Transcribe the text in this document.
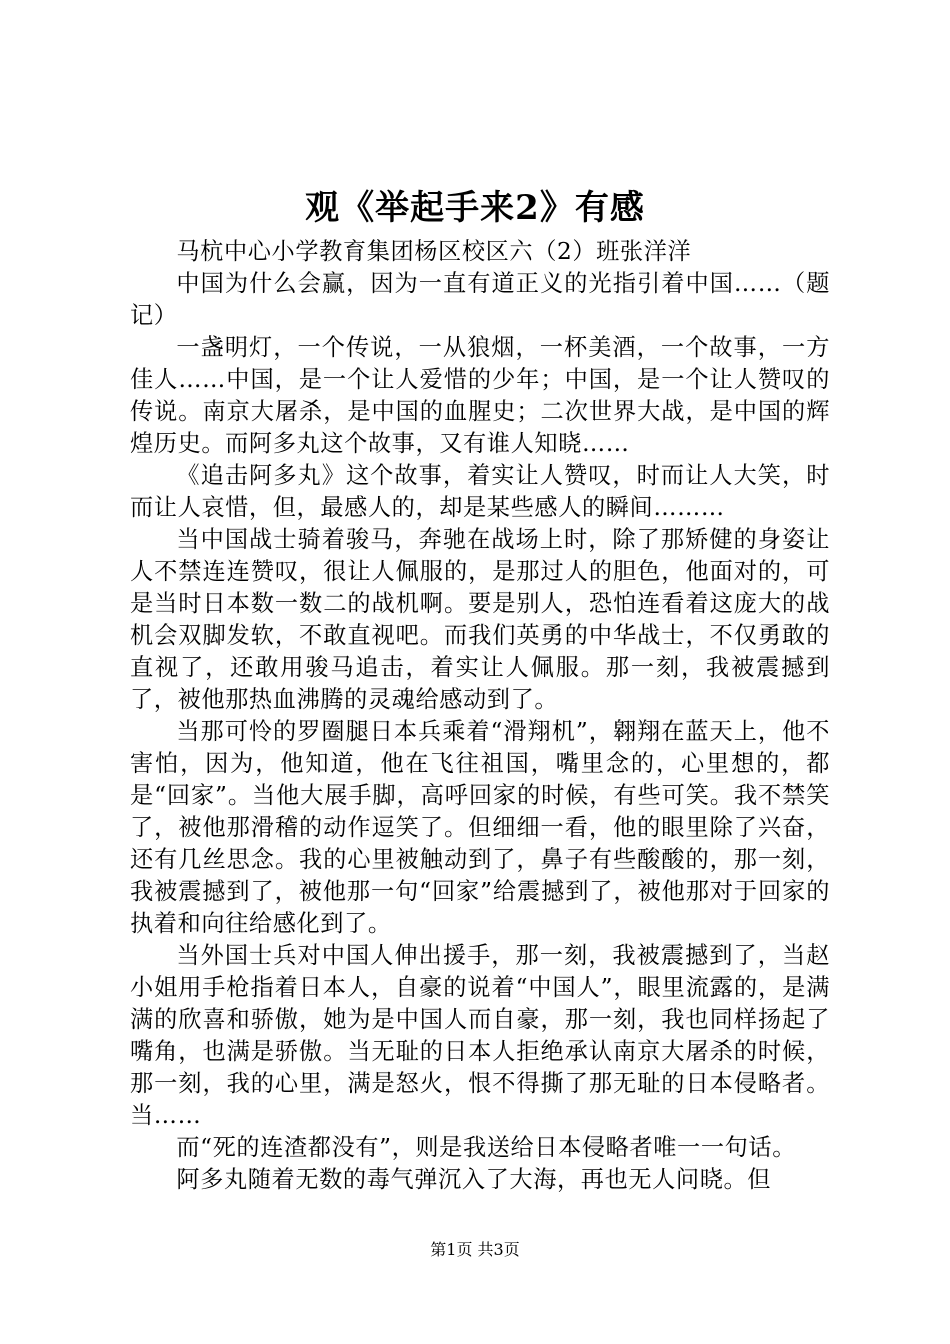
观《举起手来2》有感

马杭中心小学教育集团杨区校区六（2）班张洋洋

中国为什么会赢，因为一直有道正义的光指引着中国……（题记）

一盏明灯，一个传说，一从狼烟，一杯美酒，一个故事，一方佳人……中国，是一个让人爱惜的少年；中国，是一个让人赞叹的传说。南京大屠杀，是中国的血腥史；二次世界大战，是中国的辉煌历史。而阿多丸这个故事，又有谁人知晓……

《追击阿多丸》这个故事，着实让人赞叹，时而让人大笑，时而让人哀惜，但，最感人的，却是某些感人的瞬间………

当中国战士骑着骏马，奔驰在战场上时，除了那矫健的身姿让人不禁连连赞叹，很让人佩服的，是那过人的胆色，他面对的，可是当时日本数一数二的战机啊。要是别人，恐怕连看着这庞大的战机会双脚发软，不敢直视吧。而我们英勇的中华战士，不仅勇敢的直视了，还敢用骏马追击，着实让人佩服。那一刻，我被震撼到了，被他那热血沸腾的灵魂给感动到了。

当那可怜的罗圈腿日本兵乘着“滑翔机”，翱翔在蓝天上，他不害怕，因为，他知道，他在飞往祖国，嘴里念的，心里想的，都是“回家”。当他大展手脚，高呼回家的时候，有些可笑。我不禁笑了，被他那滑稽的动作逗笑了。但细细一看，他的眼里除了兴奋，还有几丝思念。我的心里被触动到了，鼻子有些酸酸的，那一刻，我被震撼到了，被他那一句“回家”给震撼到了，被他那对于回家的执着和向往给感化到了。

当外国士兵对中国人伸出援手，那一刻，我被震撼到了，当赵小姐用手枪指着日本人，自豪的说着“中国人”，眼里流露的，是满满的欣喜和骄傲，她为是中国人而自豪，那一刻，我也同样扬起了嘴角，也满是骄傲。当无耻的日本人拒绝承认南京大屠杀的时候，那一刻，我的心里，满是怒火，恨不得撕了那无耻的日本侵略者。当……

而“死的连渣都没有”，则是我送给日本侵略者唯一一句话。

阿多丸随着无数的毒气弹沉入了大海，再也无人问晓。但

第1页 共3页
